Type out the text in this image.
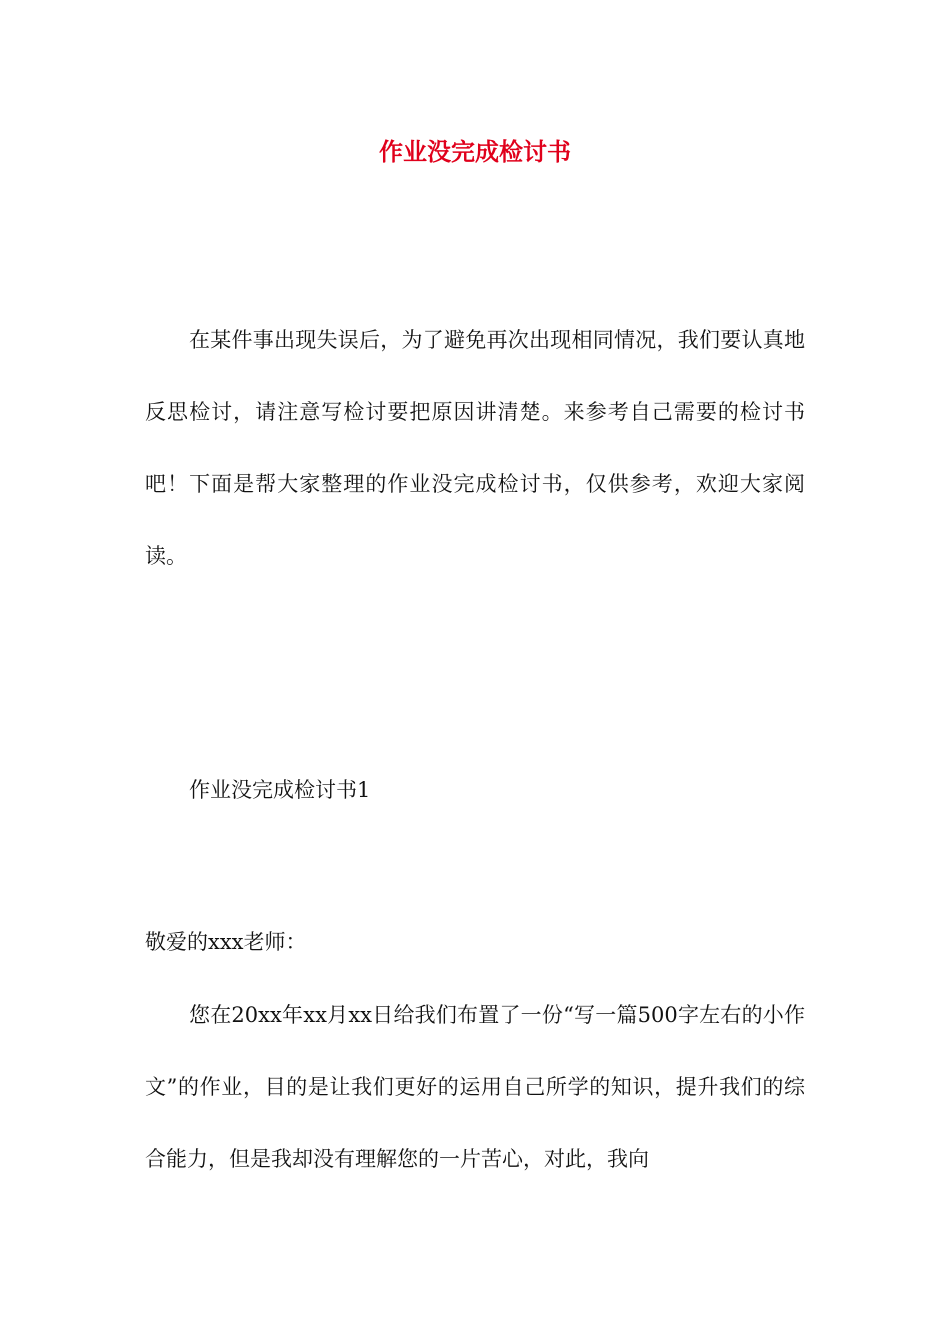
作业没完成检讨书

在某件事出现失误后，为了避免再次出现相同情况，我们要认真地反思检讨，请注意写检讨要把原因讲清楚。来参考自己需要的检讨书吧！下面是帮大家整理的作业没完成检讨书，仅供参考，欢迎大家阅读。

作业没完成检讨书1

敬爱的xxx老师：

您在20xx年xx月xx日给我们布置了一份“写一篇500字左右的小作文”的作业，目的是让我们更好的运用自己所学的知识，提升我们的综合能力，但是我却没有理解您的一片苦心，对此，我向
